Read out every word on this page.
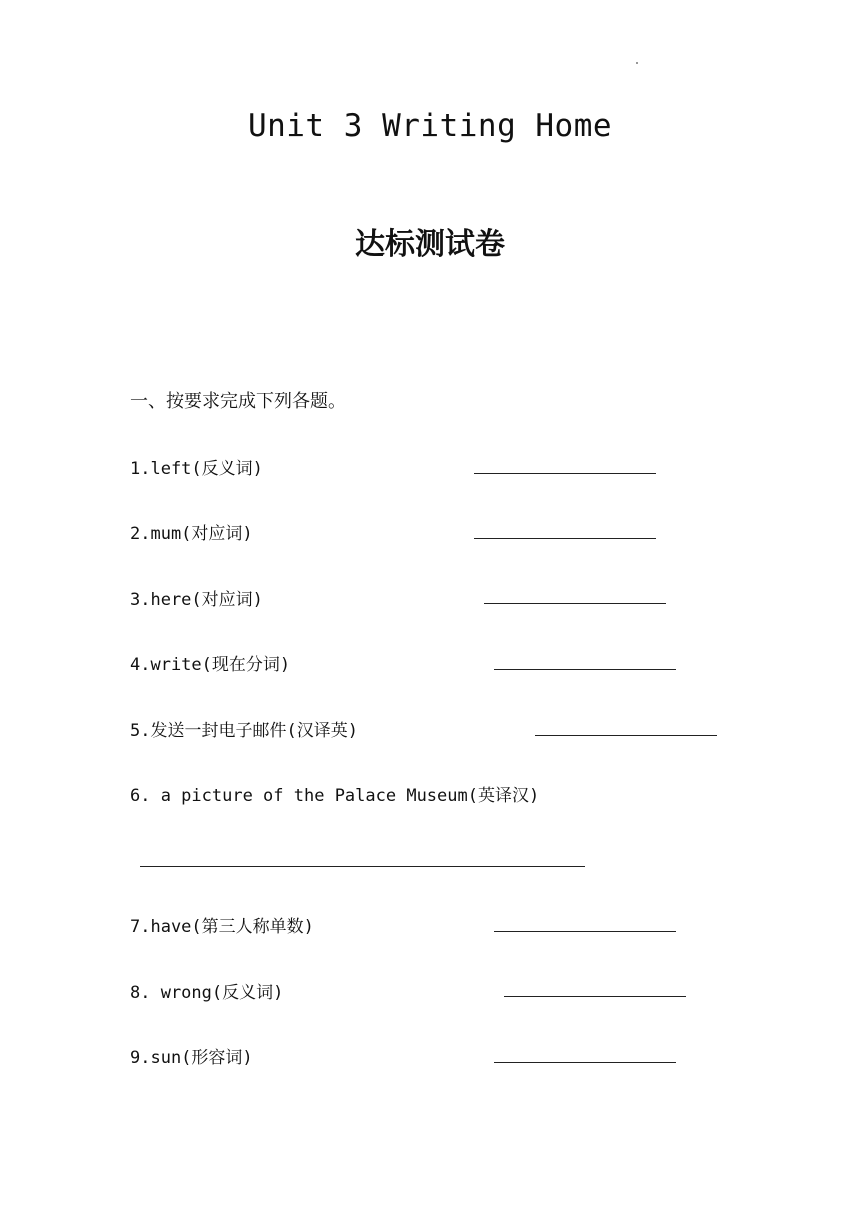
Unit 3 Writing Home
达标测试卷
一、按要求完成下列各题。
1.left(反义词)
2.mum(对应词)
3.here(对应词)
4.write(现在分词)
5.发送一封电子邮件(汉译英)
6. a picture of the Palace Museum(英译汉)
7.have(第三人称单数)
8. wrong(反义词)
9.sun(形容词)
